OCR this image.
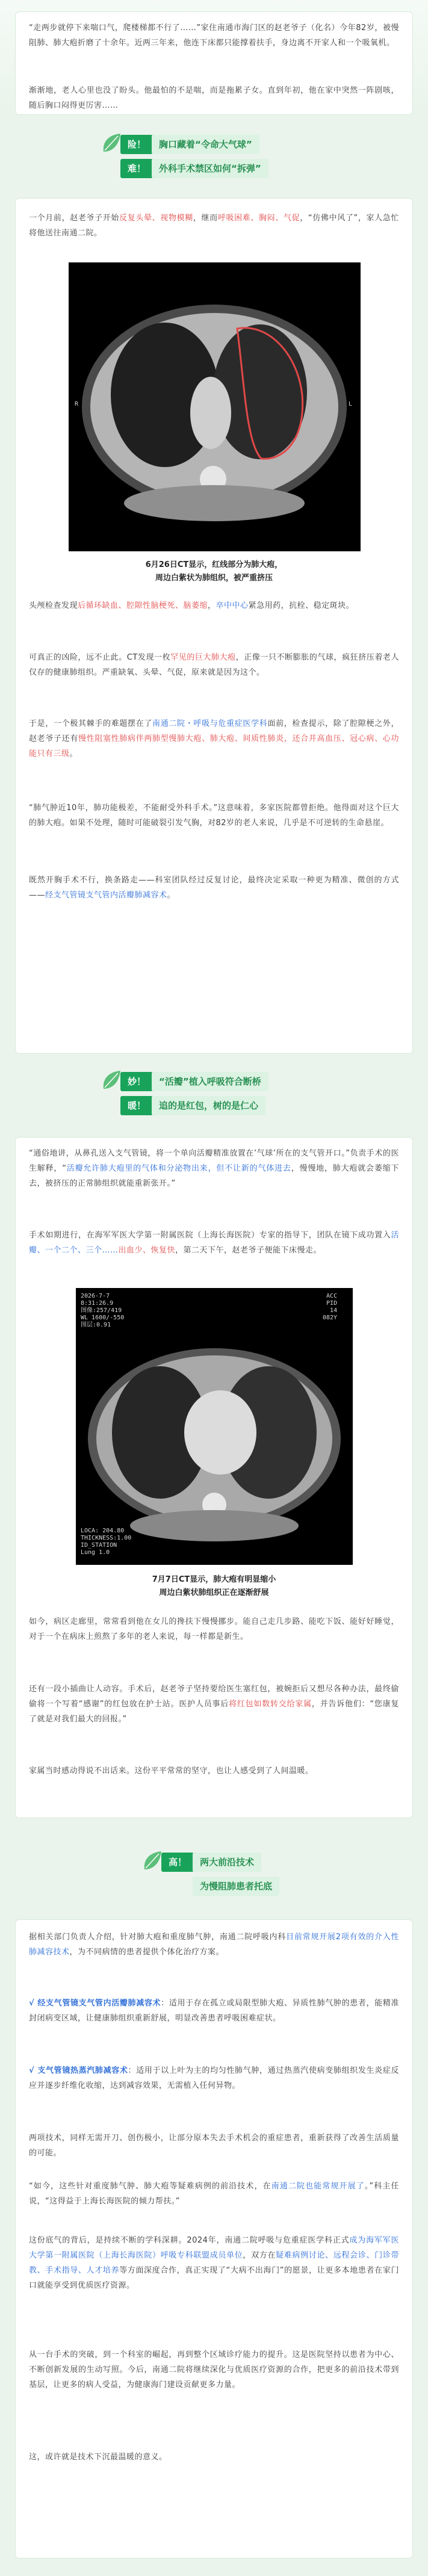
“走两步就停下来喘口气，爬楼梯都不行了……”家住南通市海门区的赵老爷子（化名）今年82岁，被慢阻肺、肺大疱折磨了十余年。近两三年来，他连下床都只能撑着扶手，身边离不开家人和一个吸氧机。

渐渐地，老人心里也没了盼头。他最怕的不是喘，而是拖累子女。直到年初，他在家中突然一阵剧咳，随后胸口闷得更厉害……

险！	胸口藏着“令命大气球”
难！	外科手术禁区如何“拆弹”

一个月前，赵老爷子开始反复头晕、视物模糊，继而呼吸困难、胸闷、气促，“仿佛中风了”，家人急忙将他送往南通二院。

R	L

6月26日CT显示，红线部分为肺大疱，

周边白紫状为肺组织，被严重挤压

头颅检查发现后循环缺血、腔隙性脑梗死、脑萎缩，卒中中心紧急用药，抗栓、稳定斑块。

可真正的凶险，远不止此。CT发现一枚罕见的巨大肺大疱，正像一只不断膨胀的气球，疯狂挤压着老人仅存的健康肺组织。严重缺氧、头晕、气促，原来就是因为这个。

于是，一个极其棘手的难题摆在了南通二院・呼吸与危重症医学科面前，检查提示，除了腔隙梗之外，赵老爷子还有慢性阻塞性肺病伴两肺型慢肺大疱、肺大疱、间质性肺炎，还合并高血压、冠心病、心功能只有三级。

“肺气肿近10年，肺功能极差，不能耐受外科手术。”这意味着，多家医院都曾拒绝。他得面对这个巨大的肺大疱。如果不处理，随时可能破裂引发气胸，对82岁的老人来说，几乎是不可逆转的生命悬崖。

既然开胸手术不行，换条路走——科室团队经过反复讨论，最终决定采取一种更为精准、微创的方式——经支气管镜支气管内活瓣肺减容术。

妙！	“活瓣”植入呼吸符合断桥
暖！	追的是红包，树的是仁心

“通俗地讲，从鼻孔送入支气管镜，将一个单向活瓣精准放置在’气球’所在的支气管开口。”负责手术的医生解释，“活瓣允许肺大疱里的气体和分泌物出来，但不让新的气体进去，慢慢地，肺大疱就会萎缩下去，被挤压的正常肺组织就能重新张开。”

手术如期进行，在海军军医大学第一附属医院（上海长海医院）专家的指导下，团队在镜下成功置入活瓣、一个二个、三个……出血少、恢复快，第二天下午，赵老爷子便能下床慢走。

2026-7-7
8:31:26.9
图像:257/419
WL 1600/-550
图层:0.91
ACC
PID
14
082Y
LOCA: 204.80
THICKNESS:1.00
ID_STATION
Lung 1.0

7月7日CT显示，肺大疱有明显缩小

周边白紫状肺组织正在逐渐舒展

如今，病区走廊里，常常看到他在女儿的搀扶下慢慢挪步。能自己走几步路、能吃下饭、能好好睡觉，对于一个在病床上煎熬了多年的老人来说，每一样都是新生。

还有一段小插曲让人动容。手术后，赵老爷子坚持要给医生塞红包，被婉拒后又想尽各种办法，最终偷偷将一个写着“感谢”的红包放在护士站。医护人员事后将红包如数转交给家属，并告诉他们：“您康复了就是对我们最大的回报。”

家属当时感动得说不出话来。这份平平常常的坚守，也让人感受到了人间温暖。

高！	两大前沿技术
为慢阻肺患者托底

据相关部门负责人介绍，针对肺大疱和重度肺气肿，南通二院呼吸内科目前常规开展2项有效的介入性肺减容技术，为不同病情的患者提供个体化治疗方案。

√ 经支气管镜支气管内活瓣肺减容术：适用于存在孤立或局限型肺大疱、异质性肺气肿的患者，能精准封闭病变区域，让健康肺组织重新舒展，明显改善患者呼吸困难症状。

√ 支气管镜热蒸汽肺减容术：适用于以上叶为主的均匀性肺气肿，通过热蒸汽使病变肺组织发生炎症反应并逐步纤维化收缩，达到减容效果，无需植入任何异物。

两项技术，同样无需开刀、创伤极小，让部分原本失去手术机会的重症患者，重新获得了改善生活质量的可能。

“如今，这些针对重度肺气肿、肺大疱等疑难病例的前沿技术，在南通二院也能常规开展了。”科主任说，“这得益于上海长海医院的倾力帮扶。”

这份底气的背后，是持续不断的学科深耕。2024年，南通二院呼吸与危重症医学科正式成为海军军医大学第一附属医院（上海长海医院）呼吸专科联盟成员单位，双方在疑难病例讨论、远程会诊、门诊带教、手术指导、人才培养等方面深度合作，真正实现了“大病不出海门”的愿景，让更多本地患者在家门口就能享受到优质医疗资源。

从一台手术的突破，到一个科室的崛起，再到整个区域诊疗能力的提升。这是医院坚持以患者为中心、不断创新发展的生动写照。今后，南通二院将继续深化与优质医疗资源的合作，把更多的前沿技术带到基层，让更多的病人受益，为健康海门建设贡献更多力量。

这，或许就是技术下沉最温暖的意义。
